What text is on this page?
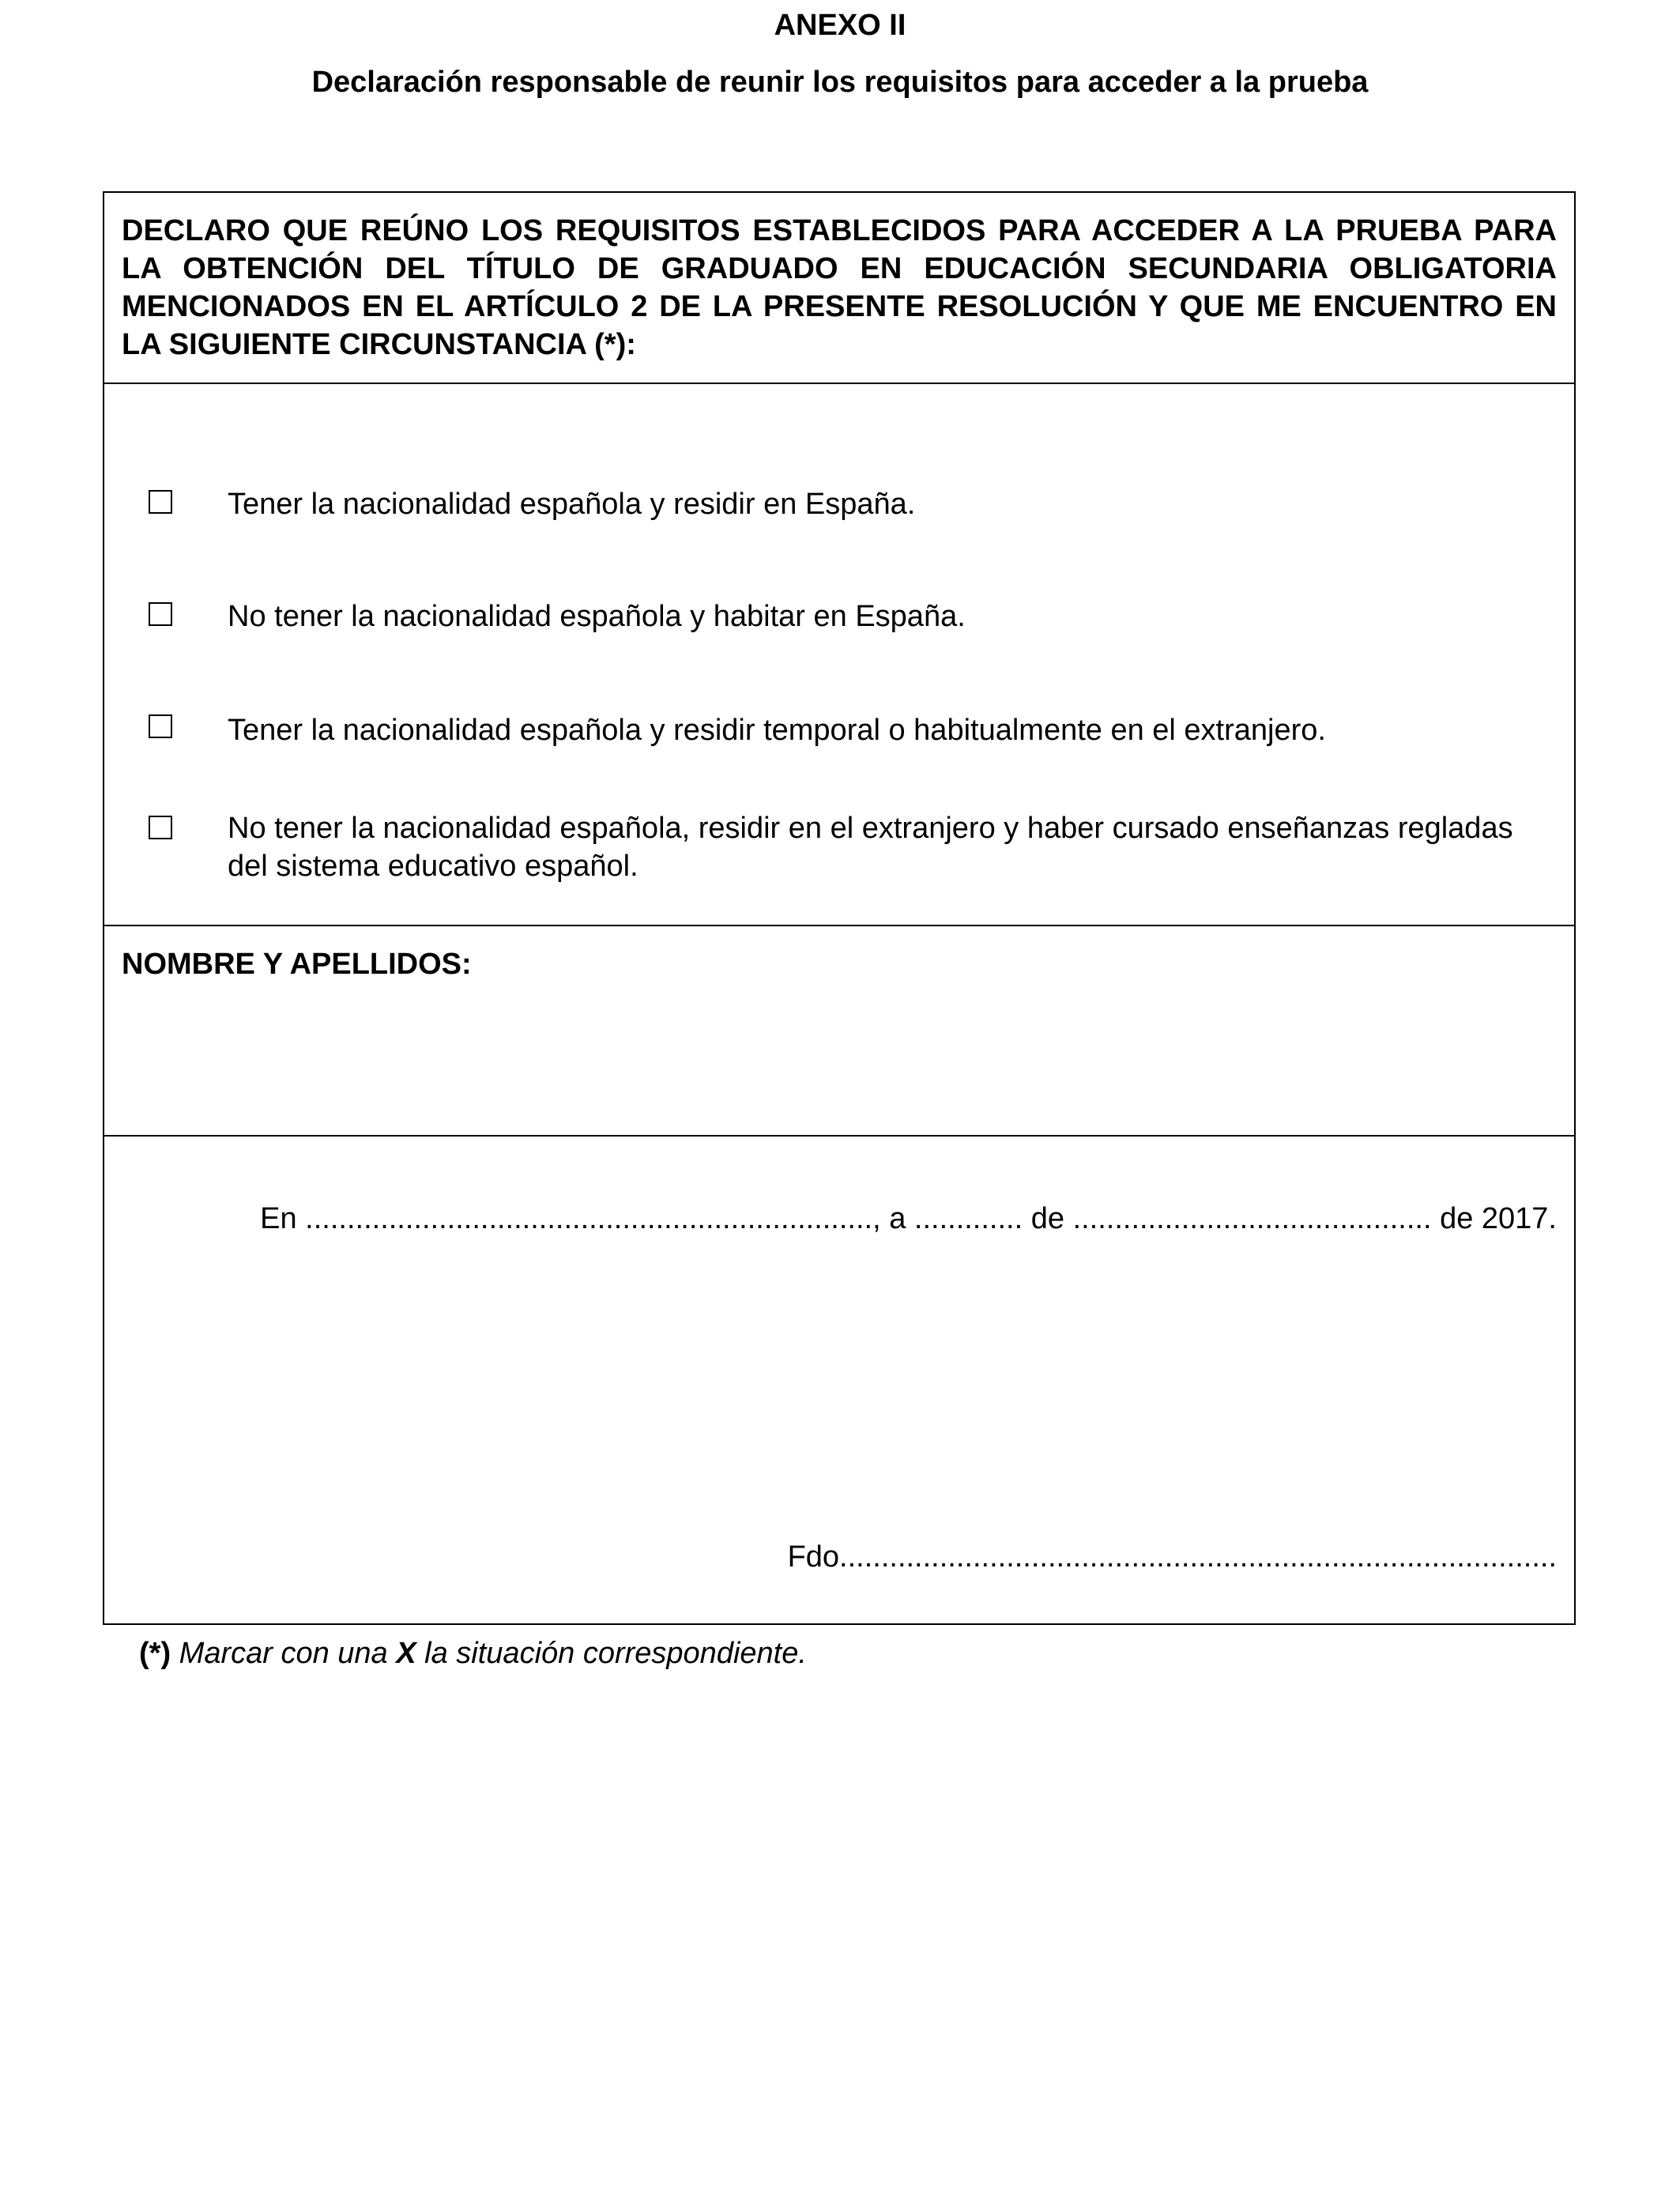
ANEXO II
Declaración responsable de reunir los requisitos para acceder a la prueba
DECLARO QUE REÚNO LOS REQUISITOS ESTABLECIDOS PARA ACCEDER A LA PRUEBA PARA LA OBTENCIÓN DEL TÍTULO DE GRADUADO EN EDUCACIÓN SECUNDARIA OBLIGATORIA MENCIONADOS EN EL ARTÍCULO 2 DE LA PRESENTE RESOLUCIÓN Y QUE ME ENCUENTRO EN LA SIGUIENTE CIRCUNSTANCIA (*):
Tener la nacionalidad española y residir en España.
No tener la nacionalidad española y habitar en España.
Tener la nacionalidad española y residir temporal o habitualmente en el extranjero.
No tener la nacionalidad española, residir en el extranjero y haber cursado enseñanzas regladas del sistema educativo español.
NOMBRE Y APELLIDOS:
En ...................................................................., a ............. de ........................................... de 2017.
Fdo......................................................................................
(*) Marcar con una X la situación correspondiente.
